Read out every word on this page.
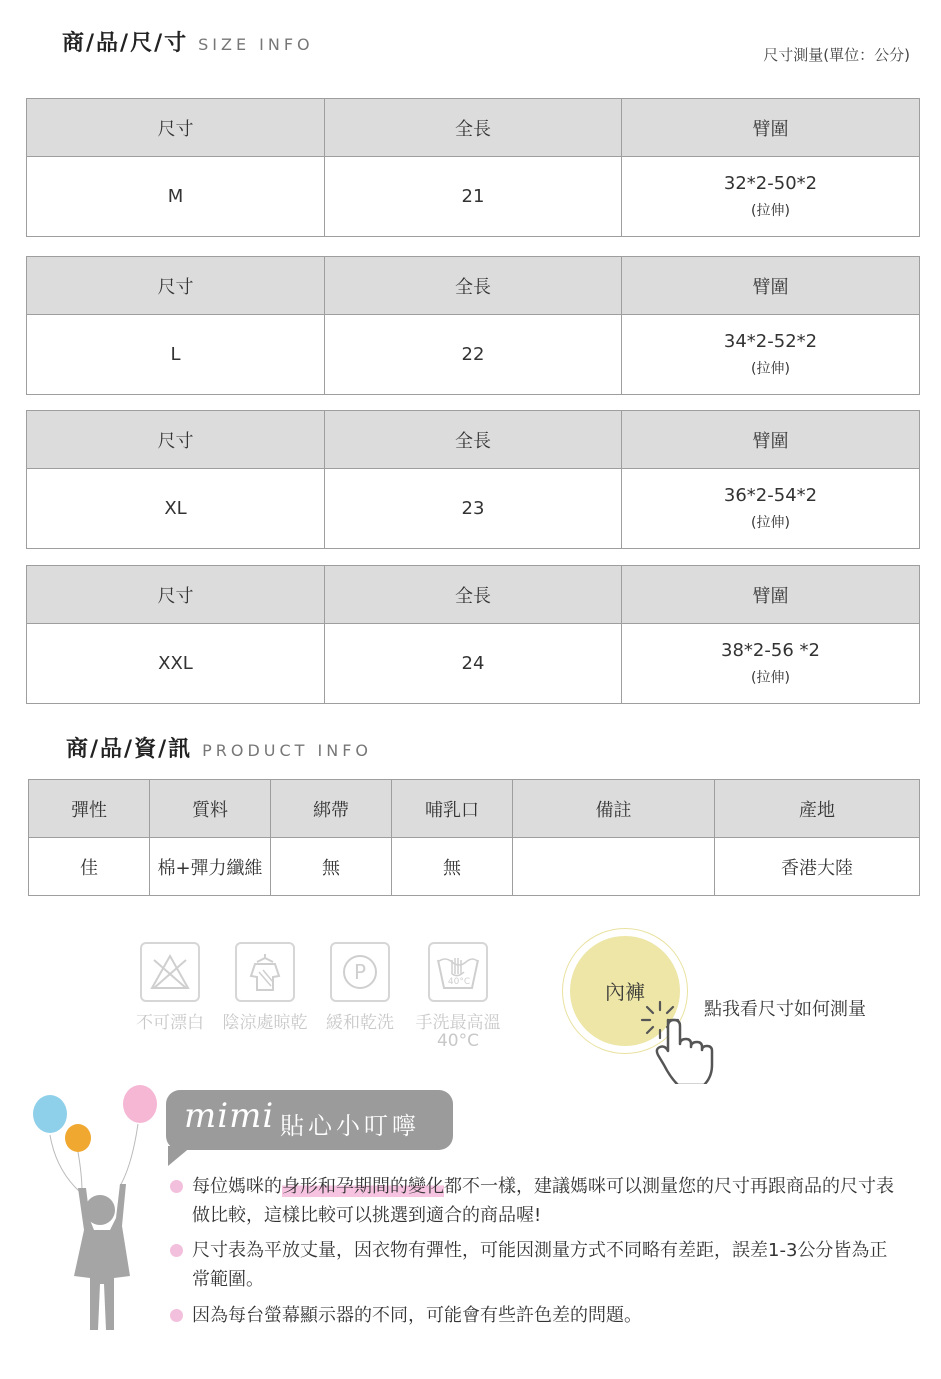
商/品/尺/寸 SIZE INFO
尺寸測量(單位：公分)
尺寸	全長	臂圍
M	21	32*2-50*2
(拉伸)
尺寸	全長	臂圍
L	22	34*2-52*2
(拉伸)
尺寸	全長	臂圍
XL	23	36*2-54*2
(拉伸)
尺寸	全長	臂圍
XXL	24	38*2-56 *2
(拉伸)
商/品/資/訊 PRODUCT INFO
彈性	質料	綁帶	哺乳口	備註	產地
佳	棉+彈力纖維	無	無		香港大陸
不可漂白 陰涼處晾乾
P
緩和乾洗
40°C
手洗最高溫
40°C
內褲
點我看尺寸如何測量
mimi 貼心小叮嚀
每位媽咪的身形和孕期間的變化都不一樣，建議媽咪可以測量您的尺寸再跟商品的尺寸表做比較，這樣比較可以挑選到適合的商品喔!
尺寸表為平放丈量，因衣物有彈性，可能因測量方式不同略有差距，誤差1-3公分皆為正常範圍。
因為每台螢幕顯示器的不同，可能會有些許色差的問題。
